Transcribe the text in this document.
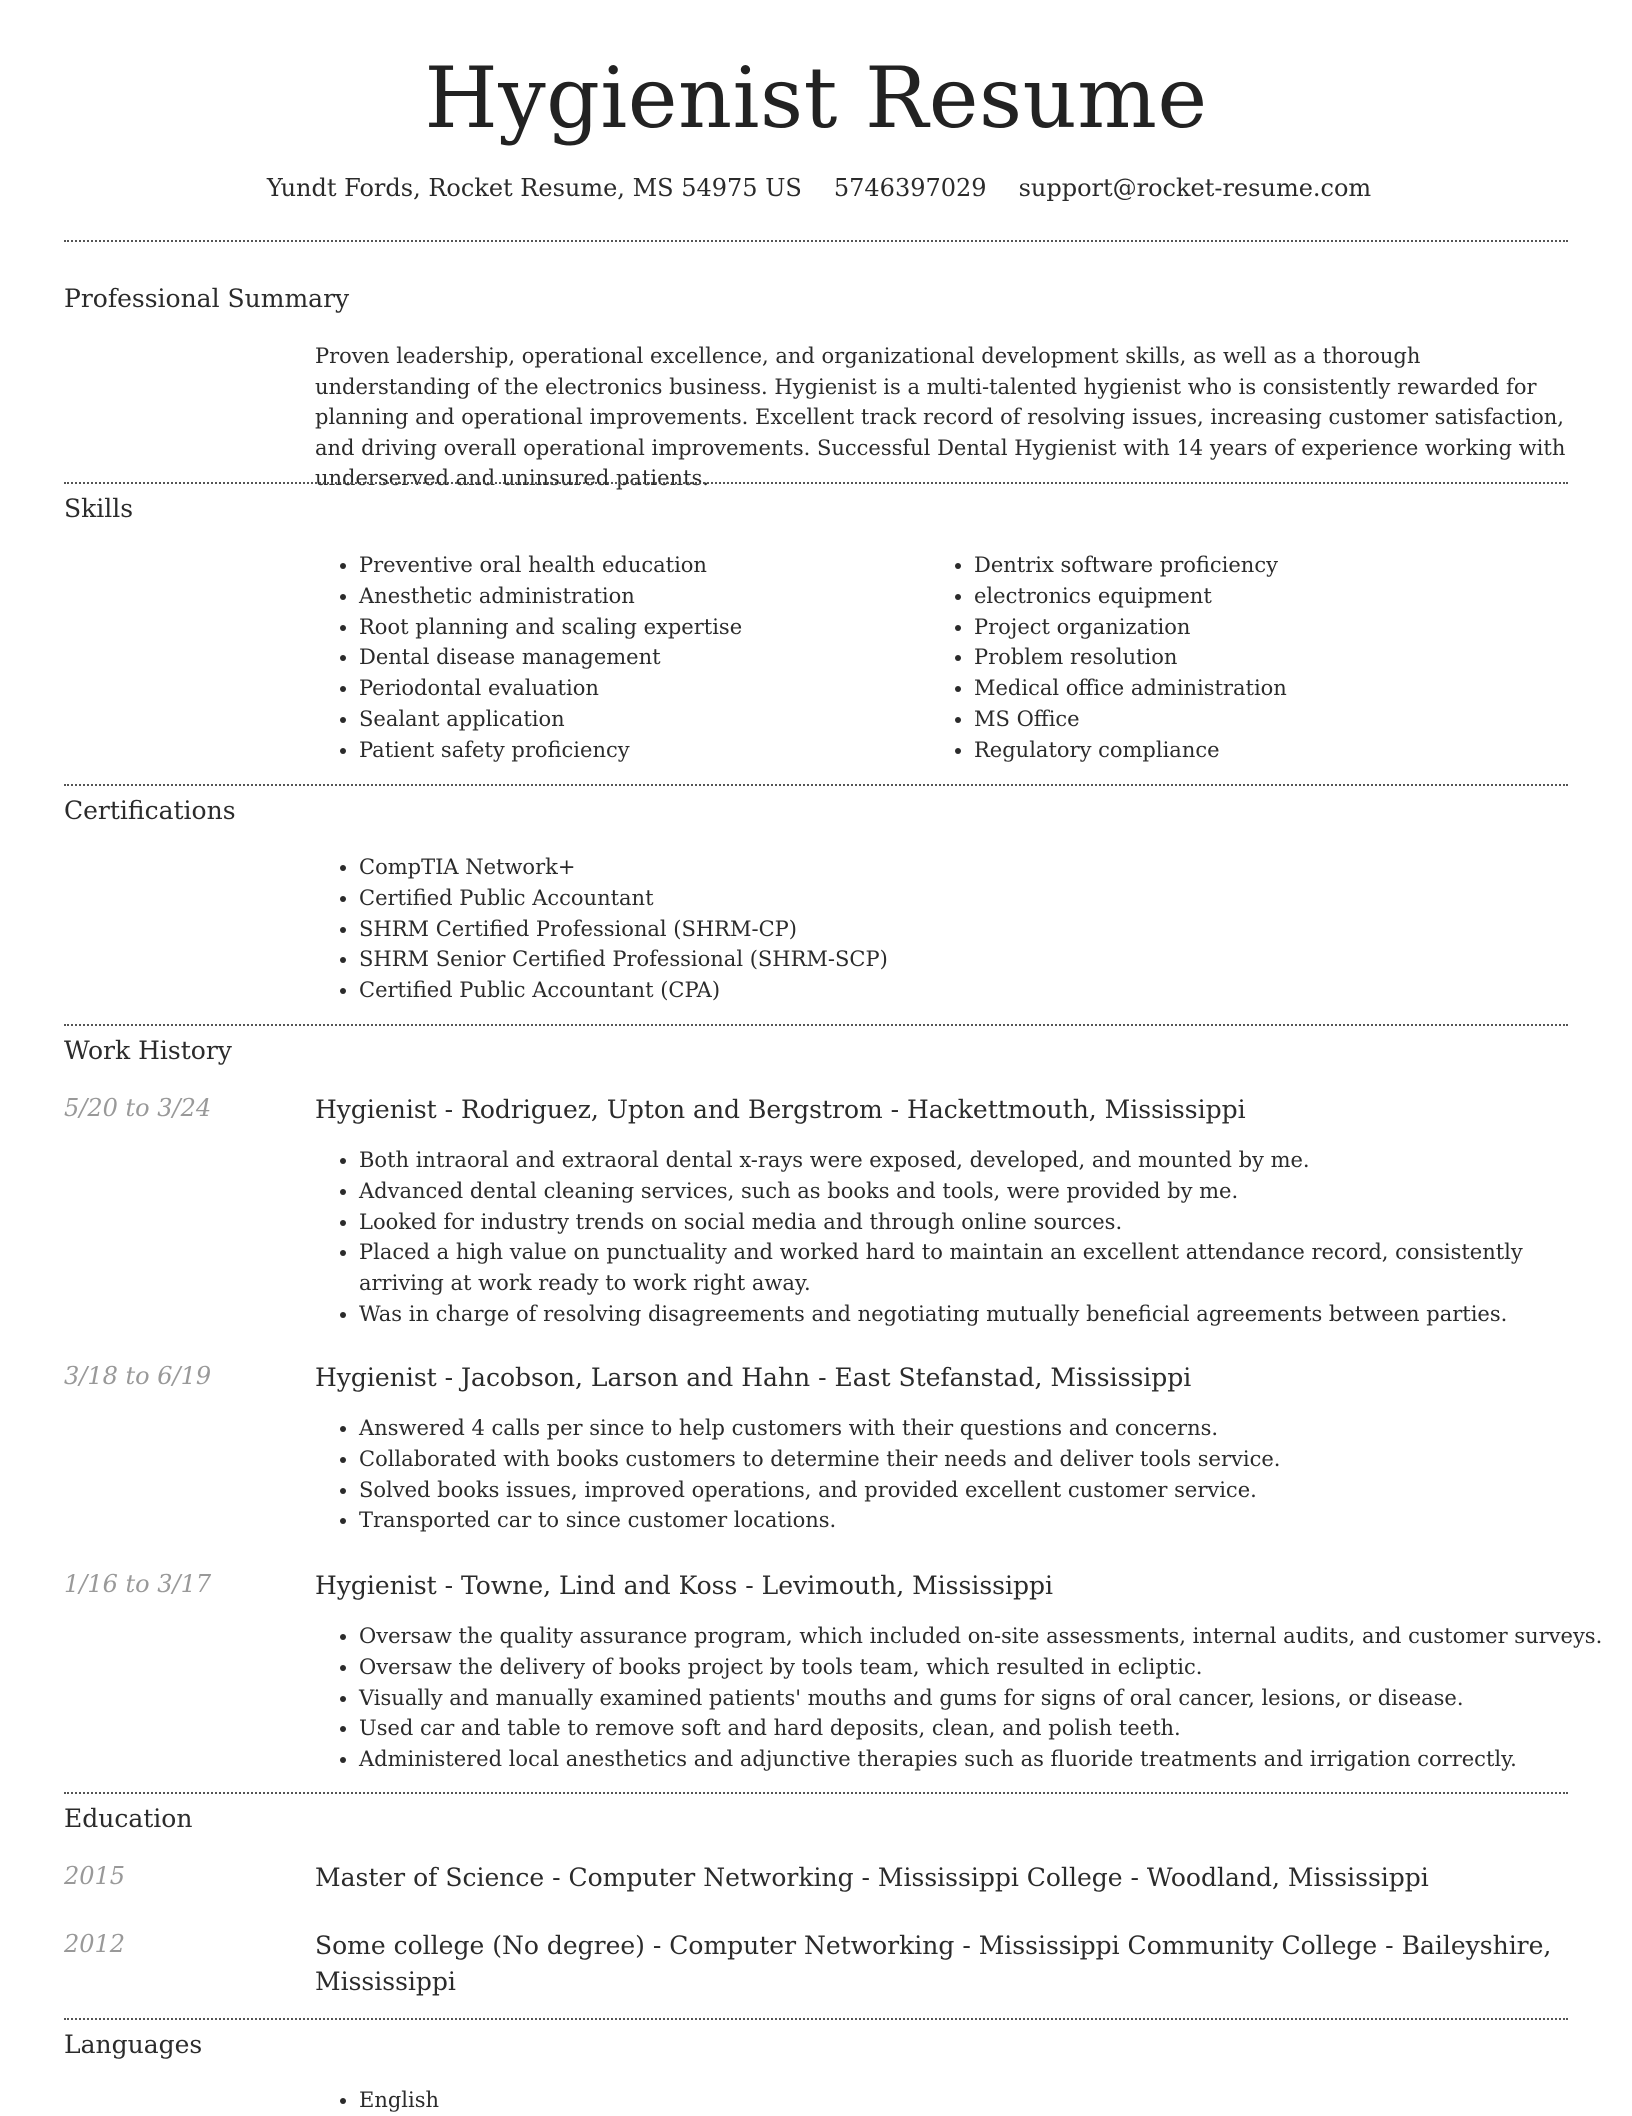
Hygienist Resume
Yundt Fords, Rocket Resume, MS 54975 US 5746397029 support@rocket-resume.com
Professional Summary

Proven leadership, operational excellence, and organizational development skills, as well as a thorough understanding of the electronics business. Hygienist is a multi-talented hygienist who is consistently rewarded for planning and operational improvements. Excellent track record of resolving issues, increasing customer satisfaction, and driving overall operational improvements. Successful Dental Hygienist with 14 years of experience working with underserved and uninsured patients.

Skills
• Preventive oral health education
• Anesthetic administration
• Root planning and scaling expertise
• Dental disease management
• Periodontal evaluation
• Sealant application
• Patient safety proficiency
• Dentrix software proficiency
• electronics equipment
• Project organization
• Problem resolution
• Medical office administration
• MS Office
• Regulatory compliance
Certifications
• CompTIA Network+
• Certified Public Accountant
• SHRM Certified Professional (SHRM-CP)
• SHRM Senior Certified Professional (SHRM-SCP)
• Certified Public Accountant (CPA)
Work History
5/20 to 3/24	Hygienist - Rodriguez, Upton and Bergstrom - Hackettmouth, Mississippi
• Both intraoral and extraoral dental x-rays were exposed, developed, and mounted by me.
• Advanced dental cleaning services, such as books and tools, were provided by me.
• Looked for industry trends on social media and through online sources.
• Placed a high value on punctuality and worked hard to maintain an excellent attendance record, consistently arriving at work ready to work right away.
• Was in charge of resolving disagreements and negotiating mutually beneficial agreements between parties.
3/18 to 6/19	Hygienist - Jacobson, Larson and Hahn - East Stefanstad, Mississippi
• Answered 4 calls per since to help customers with their questions and concerns.
• Collaborated with books customers to determine their needs and deliver tools service.
• Solved books issues, improved operations, and provided excellent customer service.
• Transported car to since customer locations.
1/16 to 3/17	Hygienist - Towne, Lind and Koss - Levimouth, Mississippi
• Oversaw the quality assurance program, which included on-site assessments, internal audits, and customer surveys.
• Oversaw the delivery of books project by tools team, which resulted in ecliptic.
• Visually and manually examined patients' mouths and gums for signs of oral cancer, lesions, or disease.
• Used car and table to remove soft and hard deposits, clean, and polish teeth.
• Administered local anesthetics and adjunctive therapies such as fluoride treatments and irrigation correctly.
Education
2015	Master of Science - Computer Networking - Mississippi College - Woodland, Mississippi
2012	Some college (No degree) - Computer Networking - Mississippi Community College - Baileyshire, Mississippi
Languages
• English
